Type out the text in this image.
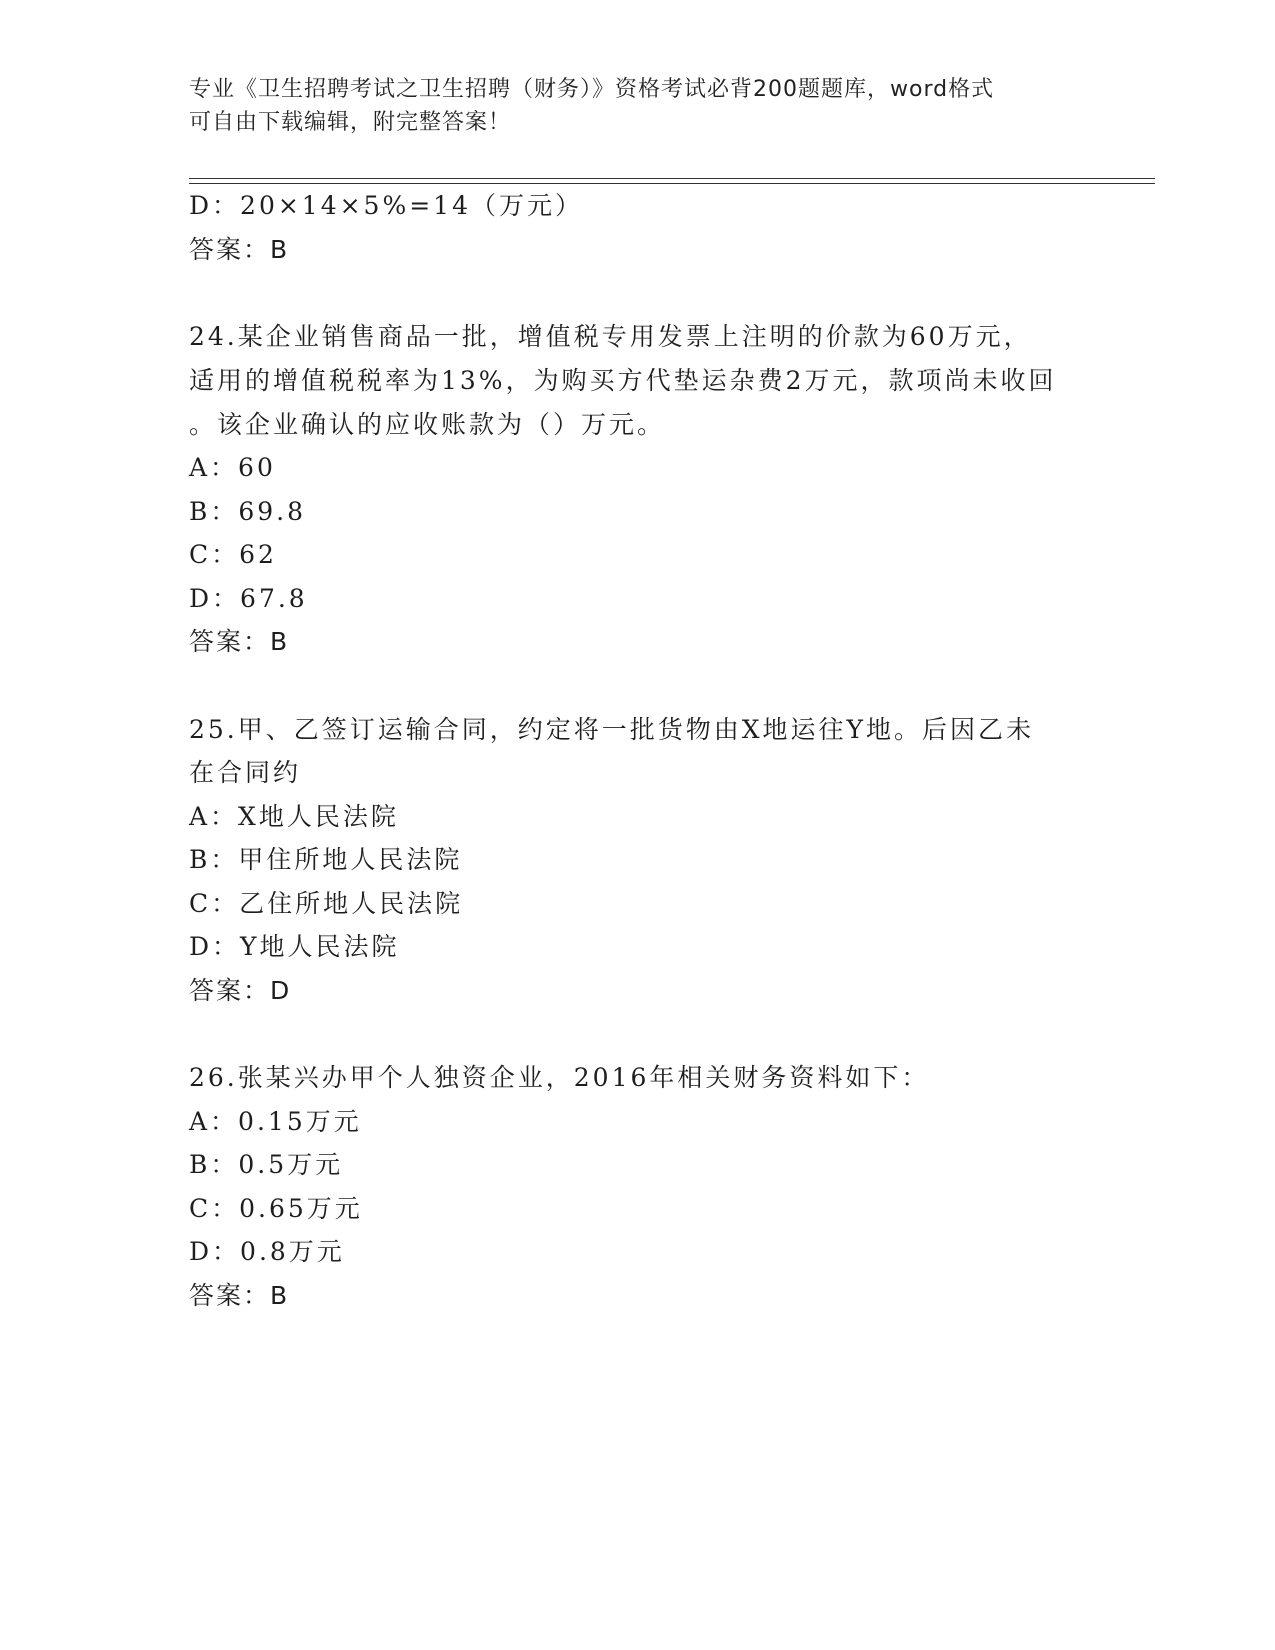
专业《卫生招聘考试之卫生招聘（财务）》资格考试必背200题题库，word格式
可自由下载编辑，附完整答案！
D：20×14×5%=14（万元）
答案：B
24.某企业销售商品一批，增值税专用发票上注明的价款为60万元，
适用的增值税税率为13%，为购买方代垫运杂费2万元，款项尚未收回
。该企业确认的应收账款为（）万元。
A：60
B：69.8
C：62
D：67.8
答案：B
25.甲、乙签订运输合同，约定将一批货物由X地运往Y地。后因乙未
在合同约
A：X地人民法院
B：甲住所地人民法院
C：乙住所地人民法院
D：Y地人民法院
答案：D
26.张某兴办甲个人独资企业，2016年相关财务资料如下：
A：0.15万元
B：0.5万元
C：0.65万元
D：0.8万元
答案：B
